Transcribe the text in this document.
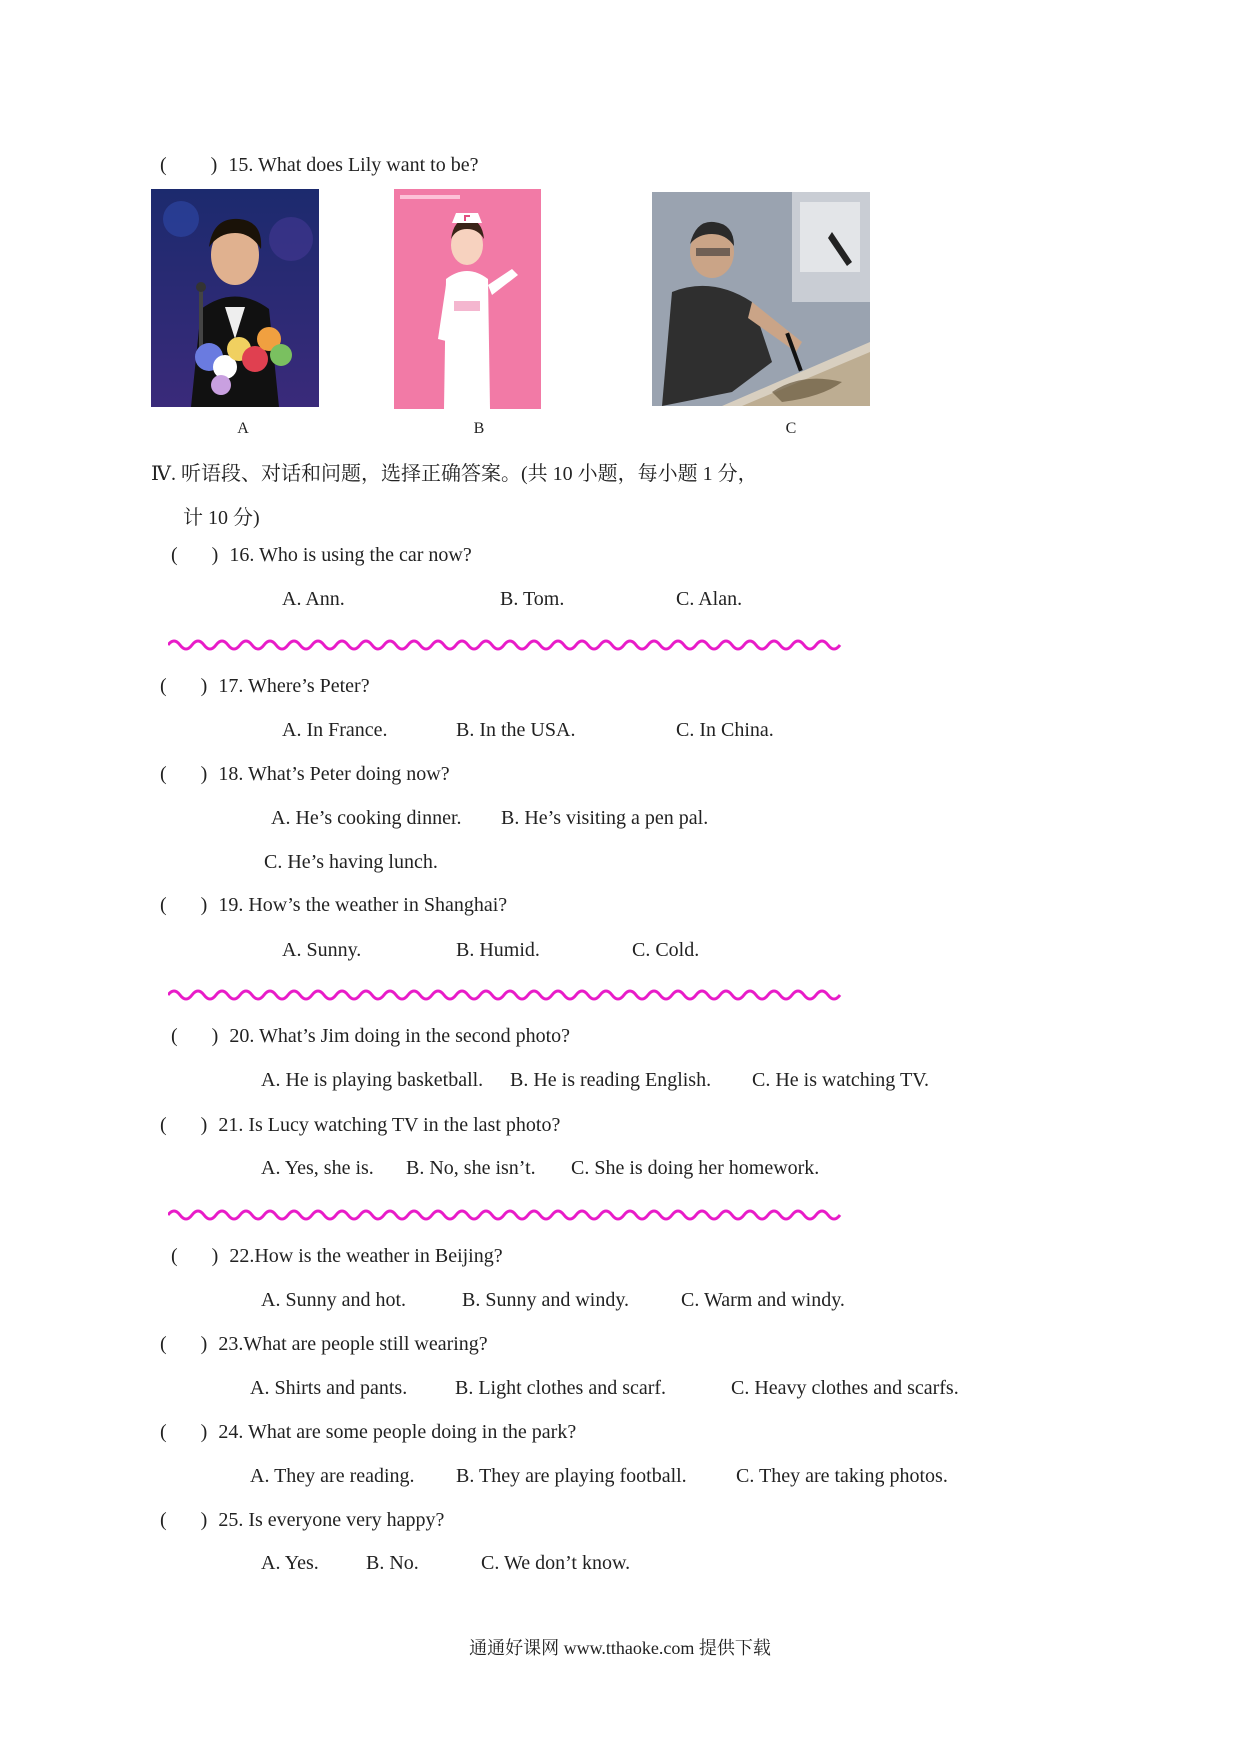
( ) 15. What does Lily want to be?
A	B	C
Ⅳ. 听语段、对话和问题，选择正确答案。(共 10 小题，每小题 1 分，
计 10 分)
( ) 16. Who is using the car now?
A. Ann.	B. Tom.	C. Alan.
( ) 17. Where’s Peter?
A. In France.	B. In the USA.	C. In China.
( ) 18. What’s Peter doing now?
A. He’s cooking dinner. B. He’s visiting a pen pal.
C. He’s having lunch.
( ) 19. How’s the weather in Shanghai?
A. Sunny.	B. Humid.	C. Cold.
( ) 20. What’s Jim doing in the second photo?
A. He is playing basketball. B. He is reading English. C. He is watching TV.
( ) 21. Is Lucy watching TV in the last photo?
A. Yes, she is. B. No, she isn’t. C. She is doing her homework.
( ) 22.How is the weather in Beijing?
A. Sunny and hot.	B. Sunny and windy.	C. Warm and windy.
( ) 23.What are people still wearing?
A. Shirts and pants. B. Light clothes and scarf.	C. Heavy clothes and scarfs.
( ) 24. What are some people doing in the park?
A. They are reading. B. They are playing football. C. They are taking photos.
( ) 25. Is everyone very happy?
A. Yes. B. No.	C. We don’t know.
通通好课网 www.tthaoke.com 提供下载
